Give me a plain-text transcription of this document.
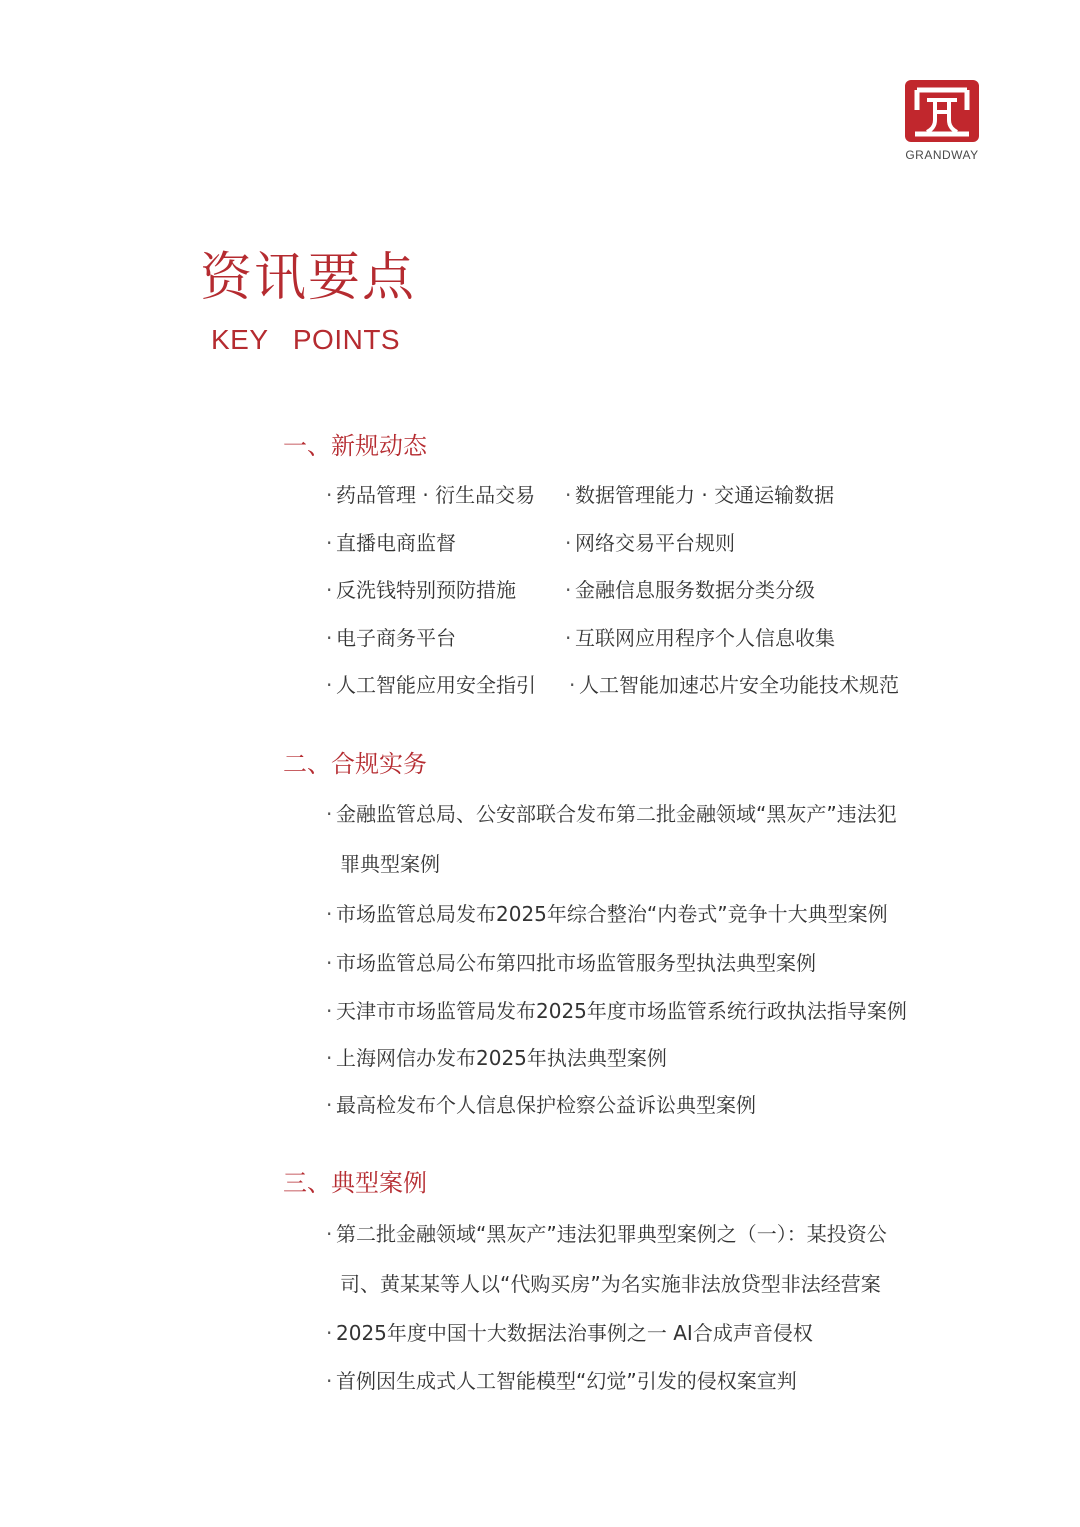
GRANDWAY
资讯要点
KEY   POINTS
一、新规动态
· 药品管理 · 衍生品交易 · 数据管理能力 · 交通运输数据
· 直播电商监督	· 网络交易平台规则
· 反洗钱特别预防措施 · 金融信息服务数据分类分级
· 电子商务平台	· 互联网应用程序个人信息收集
· 人工智能应用安全指引 · 人工智能加速芯片安全功能技术规范
二、合规实务
· 金融监管总局、公安部联合发布第二批金融领域“黑灰产”违法犯
罪典型案例
· 市场监管总局发布2025年综合整治“内卷式”竞争十大典型案例
· 市场监管总局公布第四批市场监管服务型执法典型案例
· 天津市市场监管局发布2025年度市场监管系统行政执法指导案例
· 上海网信办发布2025年执法典型案例
· 最高检发布个人信息保护检察公益诉讼典型案例
三、典型案例
· 第二批金融领域“黑灰产”违法犯罪典型案例之（一）：某投资公
司、黄某某等人以“代购买房”为名实施非法放贷型非法经营案
· 2025年度中国十大数据法治事例之一 AI合成声音侵权
· 首例因生成式人工智能模型“幻觉”引发的侵权案宣判
